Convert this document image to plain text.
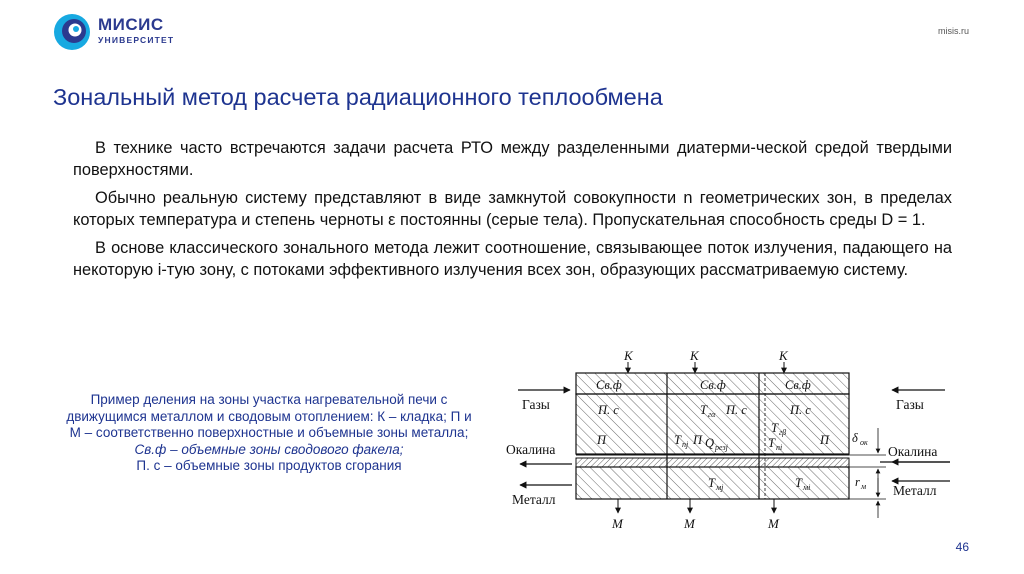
МИСИС
УНИВЕРСИТЕТ
misis.ru
Зональный метод расчета радиационного теплообмена

В технике часто встречаются задачи расчета РТО между разделенными диатерми-ческой средой твердыми поверхностями.

Обычно реальную систему представляют в виде замкнутой совокупности n геометрических зон, в пределах которых температура и степень черноты ε постоянны (серые тела). Пропускательная способность среды D = 1.

В основе классического зонального метода лежит соотношение, связывающее поток излучения, падающего на некоторую i-тую зону, с потоками эффективного излучения всех зон, образующих рассматриваемую систему.

Пример деления на зоны участка нагревательной печи с движущимся металлом и сводовым отоплением: К – кладка; П и М – соответственно поверхностные и объемные зоны металла;

Св.ф – объемные зоны сводового факела;

П. с – объемные зоны продуктов сгорания

К	К	К
Св.ф	Св.ф	Св.ф
П. с	T гα П. с	П. с
T гβ
П	T пj П Q резj	T пi
П
T мj	T мi
М	М	М
Газы
Окалина
Металл
Газы
Окалина
Металл
δ ок
r м
46
